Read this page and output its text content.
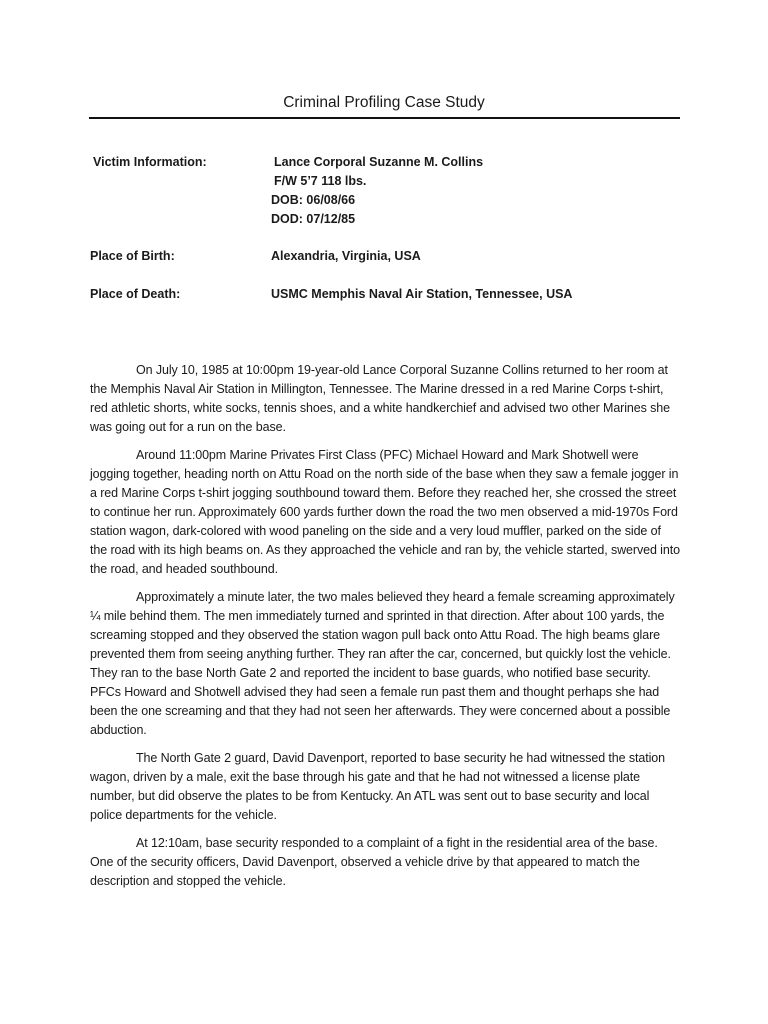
Criminal Profiling Case Study
Victim Information:	Lance Corporal Suzanne M. Collins
F/W 5’7 118 lbs.
DOB: 06/08/66
DOD: 07/12/85
Place of Birth:	Alexandria, Virginia, USA
Place of Death:	USMC Memphis Naval Air Station, Tennessee, USA

On July 10, 1985 at 10:00pm 19-year-old Lance Corporal Suzanne Collins returned to her room at the Memphis Naval Air Station in Millington, Tennessee. The Marine dressed in a red Marine Corps t-shirt, red athletic shorts, white socks, tennis shoes, and a white handkerchief and advised two other Marines she was going out for a run on the base.

Around 11:00pm Marine Privates First Class (PFC) Michael Howard and Mark Shotwell were jogging together, heading north on Attu Road on the north side of the base when they saw a female jogger in a red Marine Corps t-shirt jogging southbound toward them. Before they reached her, she crossed the street to continue her run. Approximately 600 yards further down the road the two men observed a mid-1970s Ford station wagon, dark-colored with wood paneling on the side and a very loud muffler, parked on the side of the road with its high beams on. As they approached the vehicle and ran by, the vehicle started, swerved into the road, and headed southbound.

Approximately a minute later, the two males believed they heard a female screaming approximately ¼ mile behind them. The men immediately turned and sprinted in that direction. After about 100 yards, the screaming stopped and they observed the station wagon pull back onto Attu Road. The high beams glare prevented them from seeing anything further. They ran after the car, concerned, but quickly lost the vehicle. They ran to the base North Gate 2 and reported the incident to base guards, who notified base security. PFCs Howard and Shotwell advised they had seen a female run past them and thought perhaps she had been the one screaming and that they had not seen her afterwards. They were concerned about a possible abduction.

The North Gate 2 guard, David Davenport, reported to base security he had witnessed the station wagon, driven by a male, exit the base through his gate and that he had not witnessed a license plate number, but did observe the plates to be from Kentucky. An ATL was sent out to base security and local police departments for the vehicle.

At 12:10am, base security responded to a complaint of a fight in the residential area of the base. One of the security officers, David Davenport, observed a vehicle drive by that appeared to match the description and stopped the vehicle.
